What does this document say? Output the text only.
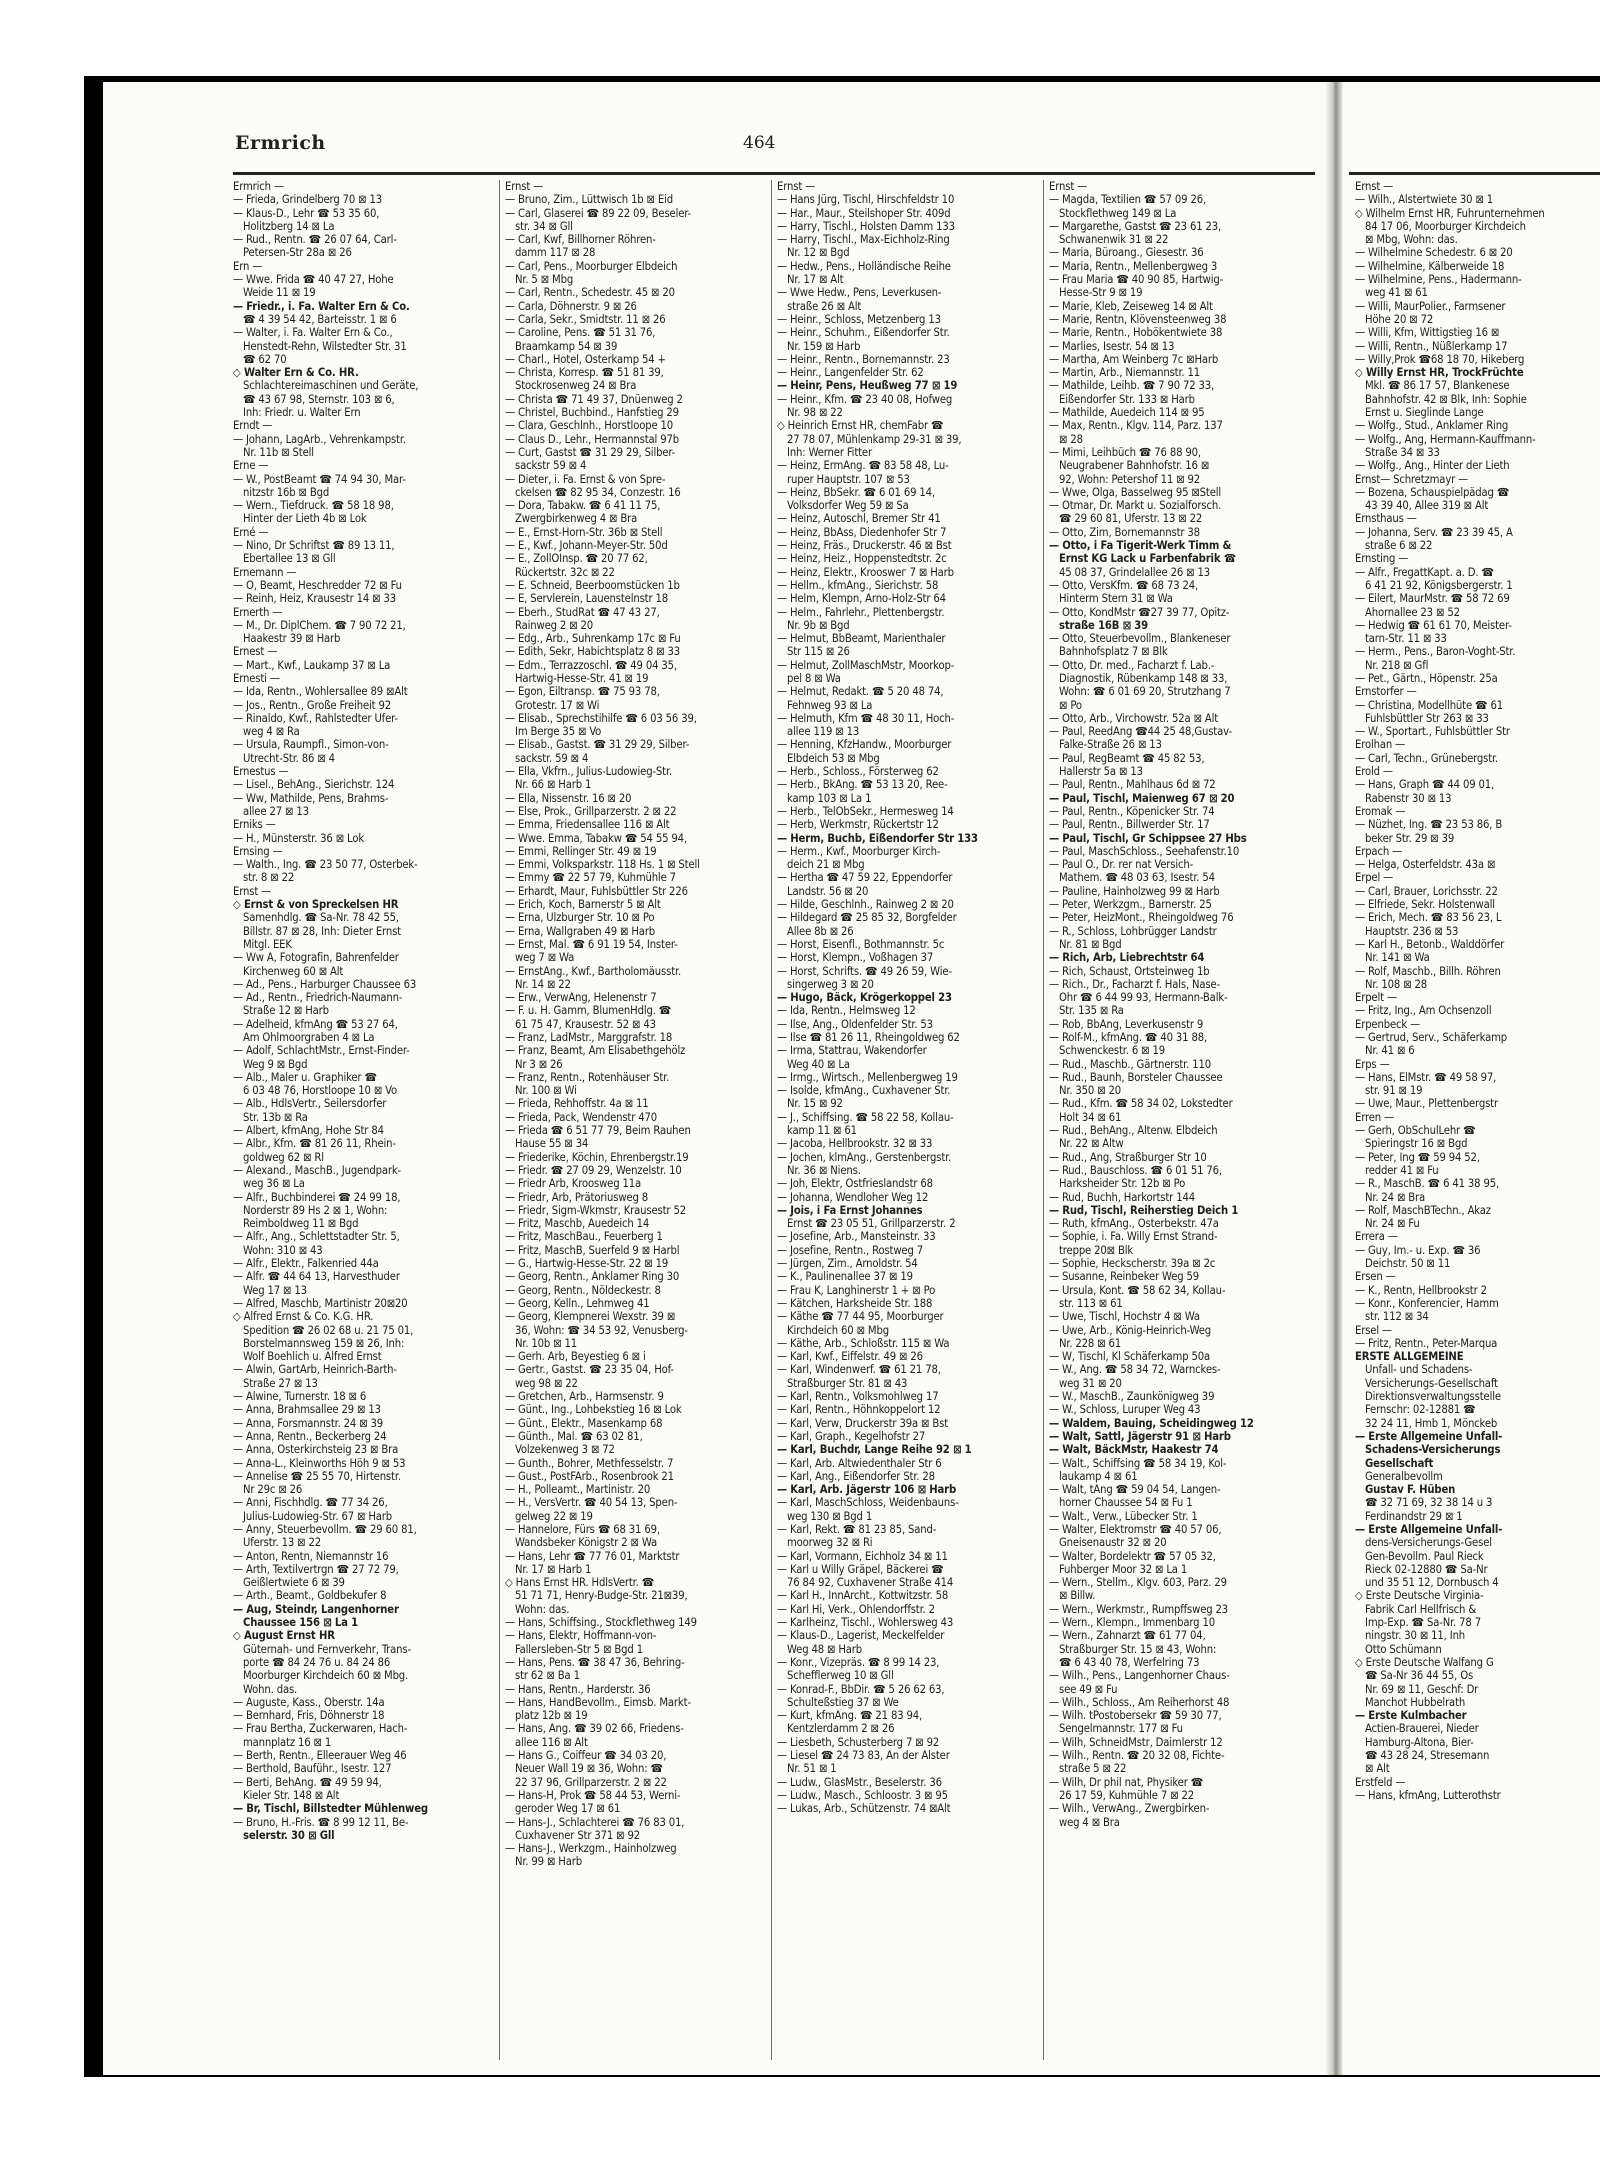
Ermrich	464
Ermrich —
— Frieda, Grindelberg 70 ⊠ 13
— Klaus-D., Lehr ☎ 53 35 60,
Holitzberg 14 ⊠ La
— Rud., Rentn. ☎ 26 07 64, Carl-
Petersen-Str 28a ⊠ 26
Ern —
— Wwe. Frida ☎ 40 47 27, Hohe
Weide 11 ⊠ 19
— Friedr., i. Fa. Walter Ern & Co.
☎ 4 39 54 42, Barteisstr. 1 ⊠ 6
— Walter, i. Fa. Walter Ern & Co.,
Henstedt-Rehn, Wilstedter Str. 31
☎ 62 70
◇ Walter Ern & Co. HR.
Schlachtereimaschinen und Geräte,
☎ 43 67 98, Sternstr. 103 ⊠ 6,
Inh: Friedr. u. Walter Ern
Erndt —
— Johann, LagArb., Vehrenkampstr.
Nr. 11b ⊠ Stell
Erne —
— W., PostBeamt ☎ 74 94 30, Mar-
nitzstr 16b ⊠ Bgd
— Wern., Tiefdruck. ☎ 58 18 98,
Hinter der Lieth 4b ⊠ Lok
Erné —
— Nino, Dr Schriftst ☎ 89 13 11,
Ebertallee 13 ⊠ Gll
Ernemann —
— O, Beamt, Heschredder 72 ⊠ Fu
— Reinh, Heiz, Krausestr 14 ⊠ 33
Ernerth —
— M., Dr. DiplChem. ☎ 7 90 72 21,
Haakestr 39 ⊠ Harb
Ernest —
— Mart., Kwf., Laukamp 37 ⊠ La
Ernesti —
— Ida, Rentn., Wohlersallee 89 ⊠Alt
— Jos., Rentn., Große Freiheit 92
— Rinaldo, Kwf., Rahlstedter Ufer-
weg 4 ⊠ Ra
— Ursula, Raumpfl., Simon-von-
Utrecht-Str. 86 ⊠ 4
Ernestus —
— Lisel., BehAng., Sierichstr. 124
— Ww, Mathilde, Pens, Brahms-
allee 27 ⊠ 13
Erniks —
— H., Münsterstr. 36 ⊠ Lok
Ernsing —
— Walth., Ing. ☎ 23 50 77, Osterbek-
str. 8 ⊠ 22
Ernst —
◇ Ernst & von Spreckelsen HR
Samenhdlg. ☎ Sa-Nr. 78 42 55,
Billstr. 87 ⊠ 28, Inh: Dieter Ernst
Mitgl. EEK
— Ww A, Fotografin, Bahrenfelder
Kirchenweg 60 ⊠ Alt
— Ad., Pens., Harburger Chaussee 63
— Ad., Rentn., Friedrich-Naumann-
Straße 12 ⊠ Harb
— Adelheid, kfmAng ☎ 53 27 64,
Am Ohlmoorgraben 4 ⊠ La
— Adolf, SchlachtMstr., Ernst-Finder-
Weg 9 ⊠ Bgd
— Alb., Maler u. Graphiker ☎
6 03 48 76, Horstloope 10 ⊠ Vo
— Alb., HdlsVertr., Seilersdorfer
Str. 13b ⊠ Ra
— Albert, kfmAng, Hohe Str 84
— Albr., Kfm. ☎ 81 26 11, Rhein-
goldweg 62 ⊠ Rl
— Alexand., MaschB., Jugendpark-
weg 36 ⊠ La
— Alfr., Buchbinderei ☎ 24 99 18,
Norderstr 89 Hs 2 ⊠ 1, Wohn:
Reimboldweg 11 ⊠ Bgd
— Alfr., Ang., Schlettstadter Str. 5,
Wohn: 310 ⊠ 43
— Alfr., Elektr., Falkenried 44a
— Alfr. ☎ 44 64 13, Harvesthuder
Weg 17 ⊠ 13
— Alfred, Maschb, Martinistr 20⊠20
◇ Alfred Ernst & Co. K.G. HR.
Spedition ☎ 26 02 68 u. 21 75 01,
Borstelmannsweg 159 ⊠ 26, Inh:
Wolf Boehlich u. Alfred Ernst
— Alwin, GartArb, Heinrich-Barth-
Straße 27 ⊠ 13
— Alwine, Turnerstr. 18 ⊠ 6
— Anna, Brahmsallee 29 ⊠ 13
— Anna, Forsmannstr. 24 ⊠ 39
— Anna, Rentn., Beckerberg 24
— Anna, Osterkirchsteig 23 ⊠ Bra
— Anna-L., Kleinworths Höh 9 ⊠ 53
— Annelise ☎ 25 55 70, Hirtenstr.
Nr 29c ⊠ 26
— Anni, Fischhdlg. ☎ 77 34 26,
Julius-Ludowieg-Str. 67 ⊠ Harb
— Anny, Steuerbevollm. ☎ 29 60 81,
Uferstr. 13 ⊠ 22
— Anton, Rentn, Niemannstr 16
— Arth, Textilvertrgn ☎ 27 72 79,
Geißlertwiete 6 ⊠ 39
— Arth., Beamt., Goldbekufer 8
— Aug, Steindr, Langenhorner
Chaussee 156 ⊠ La 1
◇ August Ernst HR
Güternah- und Fernverkehr, Trans-
porte ☎ 84 24 76 u. 84 24 86
Moorburger Kirchdeich 60 ⊠ Mbg.
Wohn. das.
— Auguste, Kass., Oberstr. 14a
— Bernhard, Fris, Döhnerstr 18
— Frau Bertha, Zuckerwaren, Hach-
mannplatz 16 ⊠ 1
— Berth, Rentn., Elleerauer Weg 46
— Berthold, Bauführ., Isestr. 127
— Berti, BehAng. ☎ 49 59 94,
Kieler Str. 148 ⊠ Alt
— Br, Tischl, Billstedter Mühlenweg
— Bruno, H.-Fris. ☎ 8 99 12 11, Be-
selerstr. 30 ⊠ Gll
Ernst —
— Bruno, Zim., Lüttwisch 1b ⊠ Eid
— Carl, Glaserei ☎ 89 22 09, Beseler-
str. 34 ⊠ Gll
— Carl, Kwf, Billhorner Röhren-
damm 117 ⊠ 28
— Carl, Pens., Moorburger Elbdeich
Nr. 5 ⊠ Mbg
— Carl, Rentn., Schedestr. 45 ⊠ 20
— Carla, Döhnerstr. 9 ⊠ 26
— Carla, Sekr., Smidtstr. 11 ⊠ 26
— Caroline, Pens. ☎ 51 31 76,
Braamkamp 54 ⊠ 39
— Charl., Hotel, Osterkamp 54 ∔
— Christa, Korresp. ☎ 51 81 39,
Stockrosenweg 24 ⊠ Bra
— Christa ☎ 71 49 37, Dnüenweg 2
— Christel, Buchbind., Hanfstieg 29
— Clara, Geschlnh., Horstloope 10
— Claus D., Lehr., Hermannstal 97b
— Curt, Gastst ☎ 31 29 29, Silber-
sackstr 59 ⊠ 4
— Dieter, i. Fa. Ernst & von Spre-
ckelsen ☎ 82 95 34, Conzestr. 16
— Dora, Tabakw. ☎ 6 41 11 75,
Zwergbirkenweg 4 ⊠ Bra
— E., Ernst-Horn-Str. 36b ⊠ Stell
— E., Kwf., Johann-Meyer-Str. 50d
— E., ZollOInsp. ☎ 20 77 62,
Rückertstr. 32c ⊠ 22
— E. Schneid, Beerboomstücken 1b
— E, Servlerein, Lauenstelnstr 18
— Eberh., StudRat ☎ 47 43 27,
Rainweg 2 ⊠ 20
— Edg., Arb., Suhrenkamp 17c ⊠ Fu
— Edith, Sekr, Habichtsplatz 8 ⊠ 33
— Edm., Terrazzoschl. ☎ 49 04 35,
Hartwig-Hesse-Str. 41 ⊠ 19
— Egon, Eiltransp. ☎ 75 93 78,
Grotestr. 17 ⊠ Wi
— Elisab., Sprechstihilfe ☎ 6 03 56 39,
Im Berge 35 ⊠ Vo
— Elisab., Gastst. ☎ 31 29 29, Silber-
sackstr. 59 ⊠ 4
— Ella, Vkfrn., Julius-Ludowieg-Str.
Nr. 66 ⊠ Harb 1
— Ella, Nissenstr. 16 ⊠ 20
— Else, Prok., Grillparzerstr. 2 ⊠ 22
— Emma, Friedensallee 116 ⊠ Alt
— Wwe. Emma, Tabakw ☎ 54 55 94,
— Emmi, Rellinger Str. 49 ⊠ 19
— Emmi, Volksparkstr. 118 Hs. 1 ⊠ Stell
— Emmy ☎ 22 57 79, Kuhmühle 7
— Erhardt, Maur, Fuhlsbüttler Str 226
— Erich, Koch, Barnerstr 5 ⊠ Alt
— Erna, Ulzburger Str. 10 ⊠ Po
— Erna, Wallgraben 49 ⊠ Harb
— Ernst, Mal. ☎ 6 91 19 54, Inster-
weg 7 ⊠ Wa
— ErnstAng., Kwf., Bartholomäusstr.
Nr. 14 ⊠ 22
— Erw., VerwAng, Helenenstr 7
— F. u. H. Gamm, BlumenHdlg. ☎
61 75 47, Krausestr. 52 ⊠ 43
— Franz, LadMstr., Marggrafstr. 18
— Franz, Beamt, Am Elisabethgehölz
Nr 3 ⊠ 26
— Franz, Rentn., Rotenhäuser Str.
Nr. 100 ⊠ Wi
— Frieda, Rehhoffstr. 4a ⊠ 11
— Frieda, Pack, Wendenstr 470
— Frieda ☎ 6 51 77 79, Beim Rauhen
Hause 55 ⊠ 34
— Friederike, Köchin, Ehrenbergstr.19
— Friedr. ☎ 27 09 29, Wenzelstr. 10
— Friedr Arb, Kroosweg 11a
— Friedr, Arb, Prätoriusweg 8
— Friedr, Sigm-Wkmstr, Krausestr 52
— Fritz, Maschb, Auedeich 14
— Fritz, MaschBau., Feuerberg 1
— Fritz, MaschB, Suerfeld 9 ⊠ Harbl
— G., Hartwig-Hesse-Str. 22 ⊠ 19
— Georg, Rentn., Anklamer Ring 30
— Georg, Rentn., Nöldeckestr. 8
— Georg, Kelln., Lehmweg 41
— Georg, Klempnerei Wexstr. 39 ⊠
36, Wohn: ☎ 34 53 92, Venusberg-
Nr. 10b ⊠ 11
— Gerh. Arb, Beyestieg 6 ⊠ i
— Gertr., Gastst. ☎ 23 35 04, Hof-
weg 98 ⊠ 22
— Gretchen, Arb., Harmsenstr. 9
— Günt., Ing., Lohbekstieg 16 ⊠ Lok
— Günt., Elektr., Masenkamp 68
— Günth., Mal. ☎ 63 02 81,
Volzekenweg 3 ⊠ 72
— Gunth., Bohrer, Methfesselstr. 7
— Gust., PostFArb., Rosenbrook 21
— H., Polleamt., Martinistr. 20
— H., VersVertr. ☎ 40 54 13, Spen-
gelweg 22 ⊠ 19
— Hannelore, Fürs ☎ 68 31 69,
Wandsbeker Königstr 2 ⊠ Wa
— Hans, Lehr ☎ 77 76 01, Marktstr
Nr. 17 ⊠ Harb 1
◇ Hans Ernst HR. HdlsVertr. ☎
51 71 71, Henry-Budge-Str. 21⊠39,
Wohn: das.
— Hans, Schiffsing., Stockflethweg 149
— Hans, Elektr, Hoffmann-von-
Fallersleben-Str 5 ⊠ Bgd 1
— Hans, Pens. ☎ 38 47 36, Behring-
str 62 ⊠ Ba 1
— Hans, Rentn., Harderstr. 36
— Hans, HandBevollm., Eimsb. Markt-
platz 12b ⊠ 19
— Hans, Ang. ☎ 39 02 66, Friedens-
allee 116 ⊠ Alt
— Hans G., Coiffeur ☎ 34 03 20,
Neuer Wall 19 ⊠ 36, Wohn: ☎
22 37 96, Grillparzerstr. 2 ⊠ 22
— Hans-H, Prok ☎ 58 44 53, Werni-
geroder Weg 17 ⊠ 61
— Hans-J., Schlachterei ☎ 76 83 01,
Cuxhavener Str 371 ⊠ 92
— Hans-J., Werkzgm., Hainholzweg
Nr. 99 ⊠ Harb
Ernst —
— Hans Jürg, Tischl, Hirschfeldstr 10
— Har., Maur., Steilshoper Str. 409d
— Harry, Tischl., Holsten Damm 133
— Harry, Tischl., Max-Eichholz-Ring
Nr. 12 ⊠ Bgd
— Hedw., Pens., Holländische Reihe
Nr. 17 ⊠ Alt
— Wwe Hedw., Pens, Leverkusen-
straße 26 ⊠ Alt
— Heinr., Schloss, Metzenberg 13
— Heinr., Schuhm., Eißendorfer Str.
Nr. 159 ⊠ Harb
— Heinr., Rentn., Bornemannstr. 23
— Heinr., Langenfelder Str. 62
— Heinr, Pens, Heußweg 77 ⊠ 19
— Heinr., Kfm. ☎ 23 40 08, Hofweg
Nr. 98 ⊠ 22
◇ Heinrich Ernst HR, chemFabr ☎
27 78 07, Mühlenkamp 29-31 ⊠ 39,
Inh: Werner Fitter
— Heinz, ErmAng. ☎ 83 58 48, Lu-
ruper Hauptstr. 107 ⊠ 53
— Heinz, BbSekr. ☎ 6 01 69 14,
Volksdorfer Weg 59 ⊠ Sa
— Heinz, Autoschl, Bremer Str 41
— Heinz, BbAss, Diedenhofer Str 7
— Heinz, Fräs., Druckerstr. 46 ⊠ Bst
— Heinz, Heiz., Hoppenstedtstr. 2c
— Heinz, Elektr., Krooswег 7 ⊠ Harb
— Hellm., kfmAng., Sierichstr. 58
— Helm, Klempn, Arno-Holz-Str 64
— Helm., Fahrlehr., Plettenbergstr.
Nr. 9b ⊠ Bgd
— Helmut, BbBeamt, Marienthaler
Str 115 ⊠ 26
— Helmut, ZollMaschMstr, Moorkop-
pel 8 ⊠ Wa
— Helmut, Redakt. ☎ 5 20 48 74,
Fehnweg 93 ⊠ La
— Helmuth, Kfm ☎ 48 30 11, Hoch-
allee 119 ⊠ 13
— Henning, KfzHandw., Moorburger
Elbdeich 53 ⊠ Mbg
— Herb., Schloss., Försterweg 62
— Herb., BkAng. ☎ 53 13 20, Ree-
kamp 103 ⊠ La 1
— Herb., TelObSekr., Hermesweg 14
— Herb, Werkmstr, Rückertstr 12
— Herm, Buchb, Eißendorfer Str 133
— Herm., Kwf., Moorburger Kirch-
deich 21 ⊠ Mbg
— Hertha ☎ 47 59 22, Eppendorfer
Landstr. 56 ⊠ 20
— Hilde, Geschlnh., Rainweg 2 ⊠ 20
— Hildegard ☎ 25 85 32, Borgfelder
Allee 8b ⊠ 26
— Horst, Eisenfl., Bothmannstr. 5c
— Horst, Klempn., Voßhagen 37
— Horst, Schrifts. ☎ 49 26 59, Wie-
singerweg 3 ⊠ 20
— Hugo, Bäck, Krögerkoppel 23
— Ida, Rentn., Helmsweg 12
— Ilse, Ang., Oldenfelder Str. 53
— Ilse ☎ 81 26 11, Rheingoldweg 62
— Irma, Stattrau, Wakendorfer
Weg 40 ⊠ La
— Irmg., Wirtsch., Mellenbergweg 19
— Isolde, kfmAng., Cuxhavener Str.
Nr. 15 ⊠ 92
— J., Schiffsing. ☎ 58 22 58, Kollau-
kamp 11 ⊠ 61
— Jacoba, Hellbrookstr. 32 ⊠ 33
— Jochen, klmAng., Gerstenbergstr.
Nr. 36 ⊠ Niens.
— Joh, Elektr, Ostfrieslandstr 68
— Johanna, Wendloher Weg 12
— Jois, i Fa Ernst Johannes
Ernst ☎ 23 05 51, Grillparzerstr. 2
— Josefine, Arb., Mansteinstr. 33
— Josefine, Rentn., Rostweg 7
— Jürgen, Zim., Arnoldstr. 54
— K., Paulinenallee 37 ⊠ 19
— Frau K, Langhinerstr 1 ∔ ⊠ Po
— Kätchen, Harksheide Str. 188
— Käthe ☎ 77 44 95, Moorburger
Kirchdeich 60 ⊠ Mbg
— Käthe, Arb., Schloßstr. 115 ⊠ Wa
— Karl, Kwf., Eiffelstr. 49 ⊠ 26
— Karl, Windenwerf. ☎ 61 21 78,
Straßburger Str. 81 ⊠ 43
— Karl, Rentn., Volksmohlweg 17
— Karl, Rentn., Höhnkoppelort 12
— Karl, Verw, Druckerstr 39a ⊠ Bst
— Karl, Graph., Kegelhofstr 27
— Karl, Buchdr, Lange Reihe 92 ⊠ 1
— Karl, Arb. Altwiedenthaler Str 6
— Karl, Ang., Eißendorfer Str. 28
— Karl, Arb. Jägerstr 106 ⊠ Harb
— Karl, MaschSchloss, Weidenbauns-
weg 130 ⊠ Bgd 1
— Karl, Rekt. ☎ 81 23 85, Sand-
moorweg 32 ⊠ Ri
— Karl, Vormann, Eichholz 34 ⊠ 11
— Karl u Willy Gräpel, Bäckerei ☎
76 84 92, Cuxhavener Straße 414
— Karl H., InnArcht., Kottwitzstr. 58
— Karl Hi, Verk., Ohlendorffstr. 2
— Karlheinz, Tischl., Wohlersweg 43
— Klaus-D., Lagerist, Meckelfelder
Weg 48 ⊠ Harb
— Konr., Vizepräs. ☎ 8 99 14 23,
Schefflerweg 10 ⊠ Gll
— Konrad-F., BbDir. ☎ 5 26 62 63,
Schulteßstieg 37 ⊠ We
— Kurt, kfmAng. ☎ 21 83 94,
Kentzlerdamm 2 ⊠ 26
— Liesbeth, Schusterberg 7 ⊠ 92
— Liesel ☎ 24 73 83, An der Alster
Nr. 51 ⊠ 1
— Ludw., GlasMstr., Beselerstr. 36
— Ludw., Masch., Schloostr. 3 ⊠ 95
— Lukas, Arb., Schützenstr. 74 ⊠Alt
Ernst —
— Magda, Textilien ☎ 57 09 26,
Stockflethweg 149 ⊠ La
— Margarethe, Gastst ☎ 23 61 23,
Schwanenwik 31 ⊠ 22
— Maria, Büroang., Giesestr. 36
— Maria, Rentn., Mellenbergweg 3
— Frau Maria ☎ 40 90 85, Hartwig-
Hesse-Str 9 ⊠ 19
— Marie, Kleb, Zeiseweg 14 ⊠ Alt
— Marie, Rentn, Klövensteenweg 38
— Marie, Rentn., Hobökentwiete 38
— Marlies, Isestr. 54 ⊠ 13
— Martha, Am Weinberg 7c ⊠Harb
— Martin, Arb., Niemannstr. 11
— Mathilde, Leihb. ☎ 7 90 72 33,
Eißendorfer Str. 133 ⊠ Harb
— Mathilde, Auedeich 114 ⊠ 95
— Max, Rentn., Klgv. 114, Parz. 137
⊠ 28
— Mimi, Leihbüch ☎ 76 88 90,
Neugrabener Bahnhofstr. 16 ⊠
92, Wohn: Petershof 11 ⊠ 92
— Wwe, Olga, Basselweg 95 ⊠Stell
— Otmar, Dr. Markt u. Sozialforsch.
☎ 29 60 81, Uferstr. 13 ⊠ 22
— Otto, Zim, Bornemannstr 38
— Otto, i Fa Tigerit-Werk Timm &
Ernst KG Lack u Farbenfabrik ☎
45 08 37, Grindelallee 26 ⊠ 13
— Otto, VersKfm. ☎ 68 73 24,
Hinterm Stern 31 ⊠ Wa
— Otto, KondMstr ☎27 39 77, Opitz-
straße 16B ⊠ 39
— Otto, Steuerbevollm., Blankeneser
Bahnhofsplatz 7 ⊠ Blk
— Otto, Dr. med., Facharzt f. Lab.-
Diagnostik, Rübenkamp 148 ⊠ 33,
Wohn: ☎ 6 01 69 20, Strutzhang 7
⊠ Po
— Otto, Arb., Virchowstr. 52a ⊠ Alt
— Paul, ReedAng ☎44 25 48,Gustav-
Falke-Straße 26 ⊠ 13
— Paul, RegBeamt ☎ 45 82 53,
Hallerstr 5a ⊠ 13
— Paul, Rentn., Mahlhaus 6d ⊠ 72
— Paul, Tischl, Maienweg 67 ⊠ 20
— Paul, Rentn., Köpenicker Str. 74
— Paul, Rentn., Billwerder Str. 17
— Paul, Tischl, Gr Schippsee 27 Hbs
— Paul, MaschSchloss., Seehafenstr.10
— Paul O., Dr. rer nat Versich-
Mathem. ☎ 48 03 63, Isestr. 54
— Pauline, Hainholzweg 99 ⊠ Harb
— Peter, Werkzgm., Barnerstr. 25
— Peter, HeizMont., Rheingoldweg 76
— R., Schloss, Lohbrügger Landstr
Nr. 81 ⊠ Bgd
— Rich, Arb, Liebrechtstr 64
— Rich, Schaust, Ortsteinweg 1b
— Rich., Dr., Facharzt f. Hals, Nase-
Ohr ☎ 6 44 99 93, Hermann-Balk-
Str. 135 ⊠ Ra
— Rob, BbAng, Leverkusenstr 9
— Rolf-M., kfmAng. ☎ 40 31 88,
Schwenckestr. 6 ⊠ 19
— Rud., Maschb., Gärtnerstr. 110
— Rud., Baunh, Borsteler Chaussee
Nr. 350 ⊠ 20
— Rud., Kfm. ☎ 58 34 02, Lokstedter
Holt 34 ⊠ 61
— Rud., BehAng., Altenw. Elbdeich
Nr. 22 ⊠ Altw
— Rud., Ang, Straßburger Str 10
— Rud., Bauschloss. ☎ 6 01 51 76,
Harksheider Str. 12b ⊠ Po
— Rud, Buchh, Harkortstr 144
— Rud, Tischl, Reiherstieg Deich 1
— Ruth, kfmAng., Osterbekstr. 47a
— Sophie, i. Fa. Willy Ernst Strand-
treppe 20⊠ Blk
— Sophie, Heckscherstr. 39a ⊠ 2c
— Susanne, Reinbeker Weg 59
— Ursula, Kont. ☎ 58 62 34, Kollau-
str. 113 ⊠ 61
— Uwe, Tischl, Hochstr 4 ⊠ Wa
— Uwe, Arb., König-Heinrich-Weg
Nr. 228 ⊠ 61
— W, Tischl, Kl Schäferkamp 50a
— W., Ang. ☎ 58 34 72, Warnckes-
weg 31 ⊠ 20
— W., MaschB., Zaunkönigweg 39
— W., Schloss, Luruper Weg 43
— Waldem, Bauing, Scheidingweg 12
— Walt, Sattl, Jägerstr 91 ⊠ Harb
— Walt, BäckMstr, Haakestr 74
— Walt., Schiffsing ☎ 58 34 19, Kol-
laukamp 4 ⊠ 61
— Walt, tAng ☎ 59 04 54, Langen-
horner Chaussee 54 ⊠ Fu 1
— Walt., Verw., Lübecker Str. 1
— Walter, Elektromstr ☎ 40 57 06,
Gneisenaustr 32 ⊠ 20
— Walter, Bordelektr ☎ 57 05 32,
Fuhberger Moor 32 ⊠ La 1
— Wern., Stellm., Klgv. 603, Parz. 29
⊠ Billw.
— Wern., Werkmstr., Rumpffsweg 23
— Wern., Klempn., Immenbarg 10
— Wern., Zahnarzt ☎ 61 77 04,
Straßburger Str. 15 ⊠ 43, Wohn:
☎ 6 43 40 78, Werfelring 73
— Wilh., Pens., Langenhorner Chaus-
see 49 ⊠ Fu
— Wilh., Schloss., Am Reiherhorst 48
— Wilh. tPostobersekr ☎ 59 30 77,
Sengelmannstr. 177 ⊠ Fu
— Wilh, SchneidMstr, Daimlerstr 12
— Wilh., Rentn. ☎ 20 32 08, Fichte-
straße 5 ⊠ 22
— Wilh, Dr phil nat, Physiker ☎
26 17 59, Kuhmühle 7 ⊠ 22
— Wilh., VerwAng., Zwergbirken-
weg 4 ⊠ Bra
Ernst —
— Wilh., Alstertwiete 30 ⊠ 1
◇ Wilhelm Ernst HR, Fuhrunternehmen
84 17 06, Moorburger Kirchdeich
⊠ Mbg, Wohn: das.
— Wilhelmine Schedestr. 6 ⊠ 20
— Wilhelmine, Kälberweide 18
— Wilhelmine, Pens., Hadermann-
weg 41 ⊠ 61
— Willi, MaurPolier., Farmsener
Höhe 20 ⊠ 72
— Willi, Kfm, Wittigstieg 16 ⊠
— Willi, Rentn., Nüßlerkamp 17
— Willy,Prok ☎68 18 70, Hikeberg
◇ Willy Ernst HR, TrockFrüchte
Mkl. ☎ 86 17 57, Blankenese
Bahnhofstr. 42 ⊠ Blk, Inh: Sophie
Ernst u. Sieglinde Lange
— Wolfg., Stud., Anklamer Ring
— Wolfg., Ang, Hermann-Kauffmann-
Straße 34 ⊠ 33
— Wolfg., Ang., Hinter der Lieth
Ernst— Schretzmayr —
— Bozena, Schauspielpädag ☎
43 39 40, Allee 319 ⊠ Alt
Ernsthaus —
— Johanna, Serv. ☎ 23 39 45, A
straße 6 ⊠ 22
Ernsting —
— Alfr., FregattKapt. a. D. ☎
6 41 21 92, Königsbergerstr. 1
— Eilert, MaurMstr. ☎ 58 72 69
Ahornallee 23 ⊠ 52
— Hedwig ☎ 61 61 70, Meister-
tarn-Str. 11 ⊠ 33
— Herm., Pens., Baron-Voght-Str.
Nr. 218 ⊠ Gfl
— Pet., Gärtn., Höpenstr. 25a
Ernstorfer —
— Christina, Modellhüte ☎ 61
Fuhlsbüttler Str 263 ⊠ 33
— W., Sportart., Fuhlsbüttler Str
Erolhan —
— Carl, Techn., Grünebergstr.
Erold —
— Hans, Graph ☎ 44 09 01,
Rabenstr 30 ⊠ 13
Eromak —
— Nüzhet, Ing. ☎ 23 53 86, B
beker Str. 29 ⊠ 39
Erpach —
— Helga, Osterfeldstr. 43a ⊠
Erpel —
— Carl, Brauer, Lorichsstr. 22
— Elfriede, Sekr. Holstenwall
— Erich, Mech. ☎ 83 56 23, L
Hauptstr. 236 ⊠ 53
— Karl H., Betonb., Walddörfer
Nr. 141 ⊠ Wa
— Rolf, Maschb., Billh. Röhren
Nr. 108 ⊠ 28
Erpelt —
— Fritz, Ing., Am Ochsenzoll
Erpenbeck —
— Gertrud, Serv., Schäferkamp
Nr. 41 ⊠ 6
Erps —
— Hans, ElMstr. ☎ 49 58 97,
str. 91 ⊠ 19
— Uwe, Maur., Plettenbergstr
Erren —
— Gerh, ObSchulLehr ☎
Spieringstr 16 ⊠ Bgd
— Peter, Ing ☎ 59 94 52,
redder 41 ⊠ Fu
— R., MaschB. ☎ 6 41 38 95,
Nr. 24 ⊠ Bra
— Rolf, MaschBTechn., Akaz
Nr. 24 ⊠ Fu
Errera —
— Guy, Im.- u. Exp. ☎ 36
Deichstr. 50 ⊠ 11
Ersen —
— K., Rentn, Hellbrookstr 2
— Konr., Konferencier, Hamm
str. 112 ⊠ 34
Ersel —
— Fritz, Rentn., Peter-Marqua
ERSTE ALLGEMEINE
Unfall- und Schadens-
Versicherungs-Gesellschaft
Direktionsverwaltungsstelle
Fernschr: 02-12881 ☎
32 24 11, Hmb 1, Mönckeb
— Erste Allgemeine Unfall-
Schadens-Versicherungs
Gesellschaft
Generalbevollm
Gustav F. Hüben
☎ 32 71 69, 32 38 14 u 3
Ferdinandstr 29 ⊠ 1
— Erste Allgemeine Unfall-
dens-Versicherungs-Gesel
Gen-Bevollm. Paul Rieck
Rieck 02-12880 ☎ Sa-Nr
und 35 51 12, Dornbusch 4
◇ Erste Deutsche Virginia-
Fabrik Carl Hellfrisch &
Imp-Exp. ☎ Sa-Nr. 78 7
ningstr. 30 ⊠ 11, Inh
Otto Schümann
◇ Erste Deutsche Walfang G
☎ Sa-Nr 36 44 55, Os
Nr. 69 ⊠ 11, Geschf: Dr
Manchot Hubbelrath
— Erste Kulmbacher
Actien-Brauerei, Nieder
Hamburg-Altona, Bier-
☎ 43 28 24, Stresemann
⊠ Alt
Erstfeld —
— Hans, kfmAng, Lutterothstr
